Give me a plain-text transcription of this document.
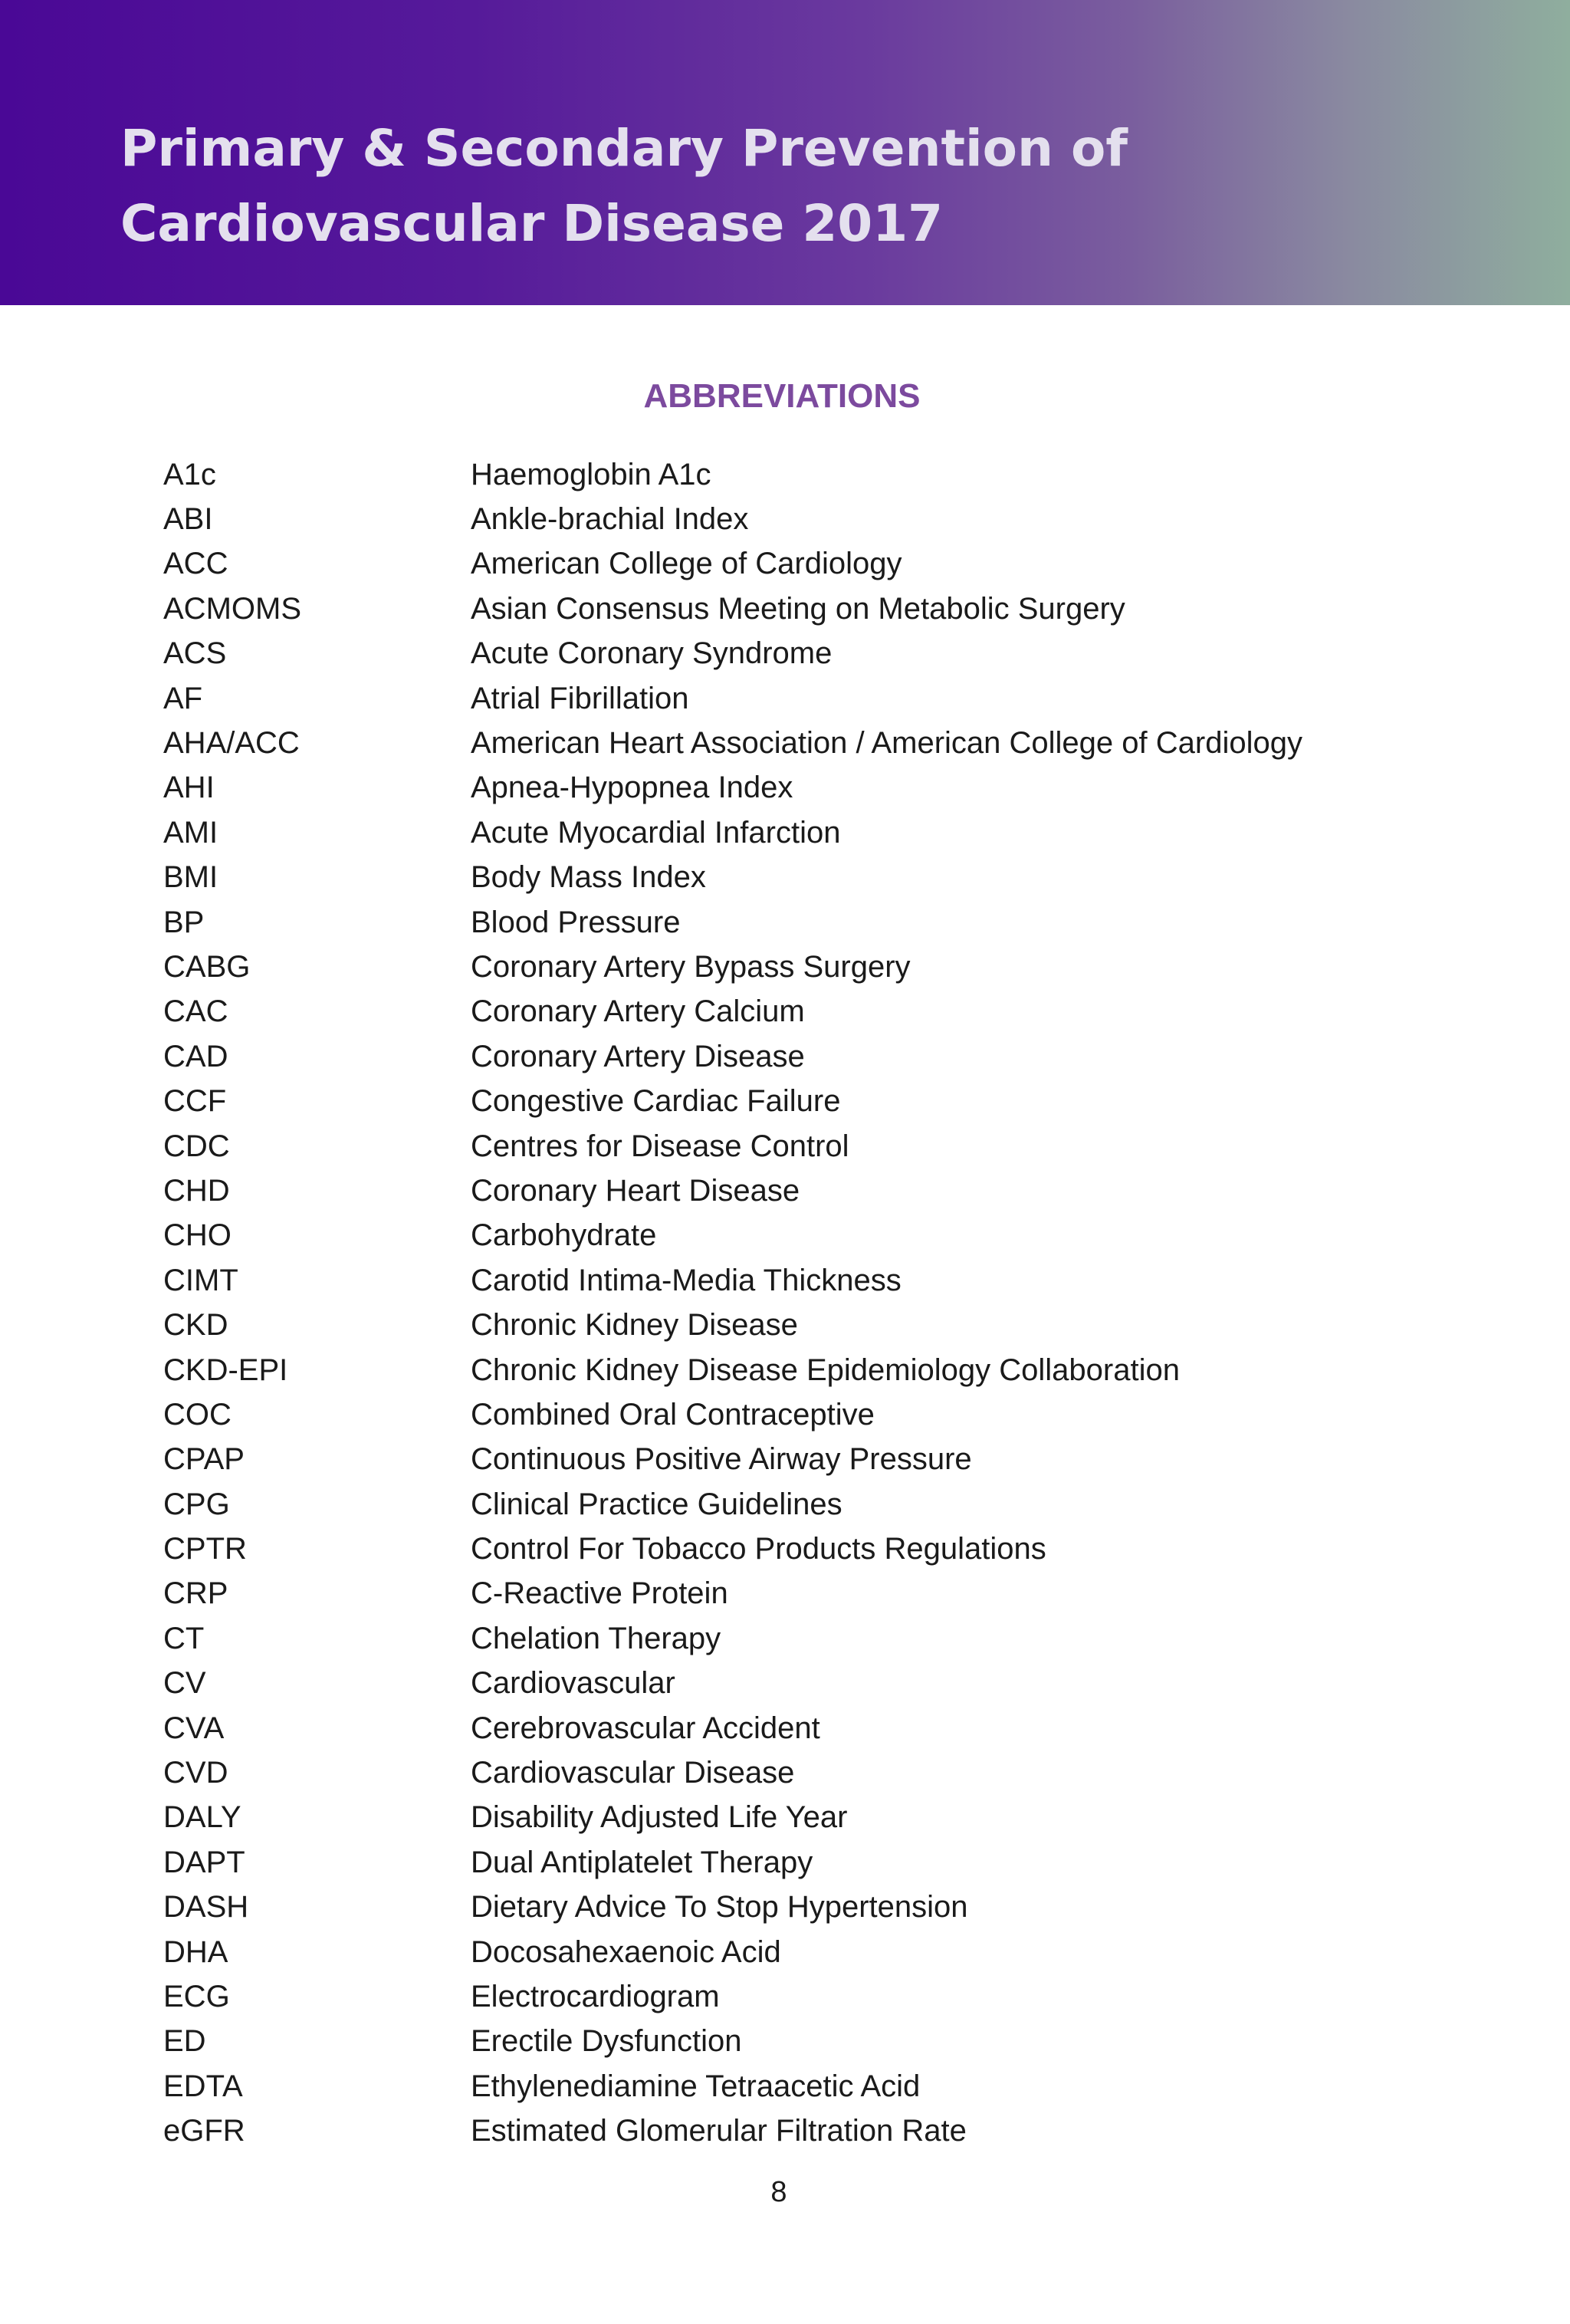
Primary & Secondary Prevention of Cardiovascular Disease 2017
ABBREVIATIONS
A1c	Haemoglobin A1c
ABI	Ankle-brachial Index
ACC	American College of Cardiology
ACMOMS	Asian Consensus Meeting on Metabolic Surgery
ACS	Acute Coronary Syndrome
AF	Atrial Fibrillation
AHA/ACC	American Heart Association / American College of Cardiology
AHI	Apnea-Hypopnea Index
AMI	Acute Myocardial Infarction
BMI	Body Mass Index
BP	Blood Pressure
CABG	Coronary Artery Bypass Surgery
CAC	Coronary Artery Calcium
CAD	Coronary Artery Disease
CCF	Congestive Cardiac Failure
CDC	Centres for Disease Control
CHD	Coronary Heart Disease
CHO	Carbohydrate
CIMT	Carotid Intima-Media Thickness
CKD	Chronic Kidney Disease
CKD-EPI	Chronic Kidney Disease Epidemiology Collaboration
COC	Combined Oral Contraceptive
CPAP	Continuous Positive Airway Pressure
CPG	Clinical Practice Guidelines
CPTR	Control For Tobacco Products Regulations
CRP	C-Reactive Protein
CT	Chelation Therapy
CV	Cardiovascular
CVA	Cerebrovascular Accident
CVD	Cardiovascular Disease
DALY	Disability Adjusted Life Year
DAPT	Dual Antiplatelet Therapy
DASH	Dietary Advice To Stop Hypertension
DHA	Docosahexaenoic Acid
ECG	Electrocardiogram
ED	Erectile Dysfunction
EDTA	Ethylenediamine Tetraacetic Acid
eGFR	Estimated Glomerular Filtration Rate
8
